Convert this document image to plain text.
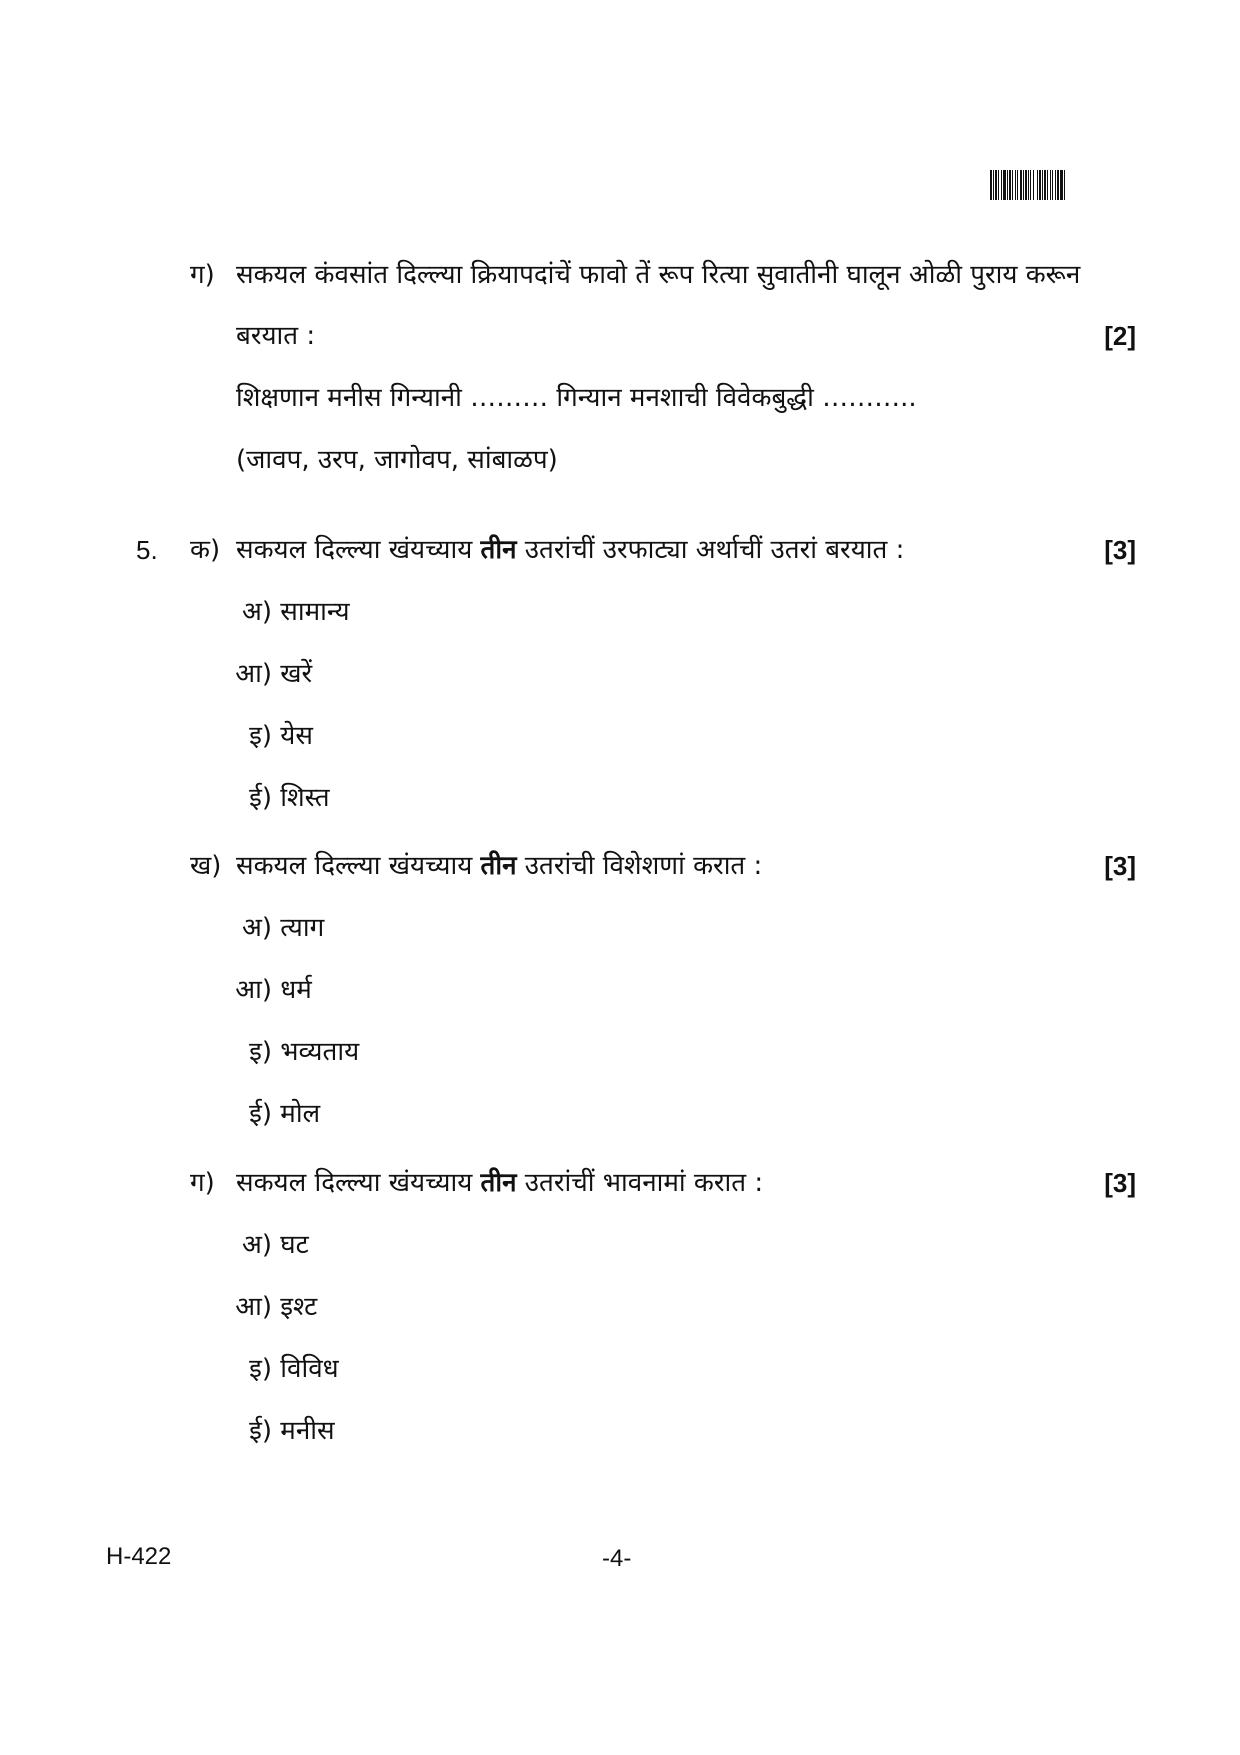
ग) सकयल कंवसांत दिल्ल्या क्रियापदांचें फावो तें रूप रित्या सुवातीनी घालून ओळी पुराय करून
बरयात :	[2]
शिक्षणान मनीस गिन्यानी ……… गिन्यान मनशाची विवेकबुद्धी ………..
(जावप, उरप, जागोवप, सांबाळप)
5. क) सकयल दिल्ल्या खंयच्याय तीन उतरांचीं उरफाट्या अर्थाचीं उतरां बरयात :	[3]
अ) सामान्य
आ) खरें
इ) येस
ई) शिस्त
ख) सकयल दिल्ल्या खंयच्याय तीन उतरांची विशेशणां करात :	[3]
अ) त्याग
आ) धर्म
इ) भव्यताय
ई) मोल
ग) सकयल दिल्ल्या खंयच्याय तीन उतरांचीं भावनामां करात :	[3]
अ) घट
आ) इश्ट
इ) विविध
ई) मनीस
H-422	-4-
